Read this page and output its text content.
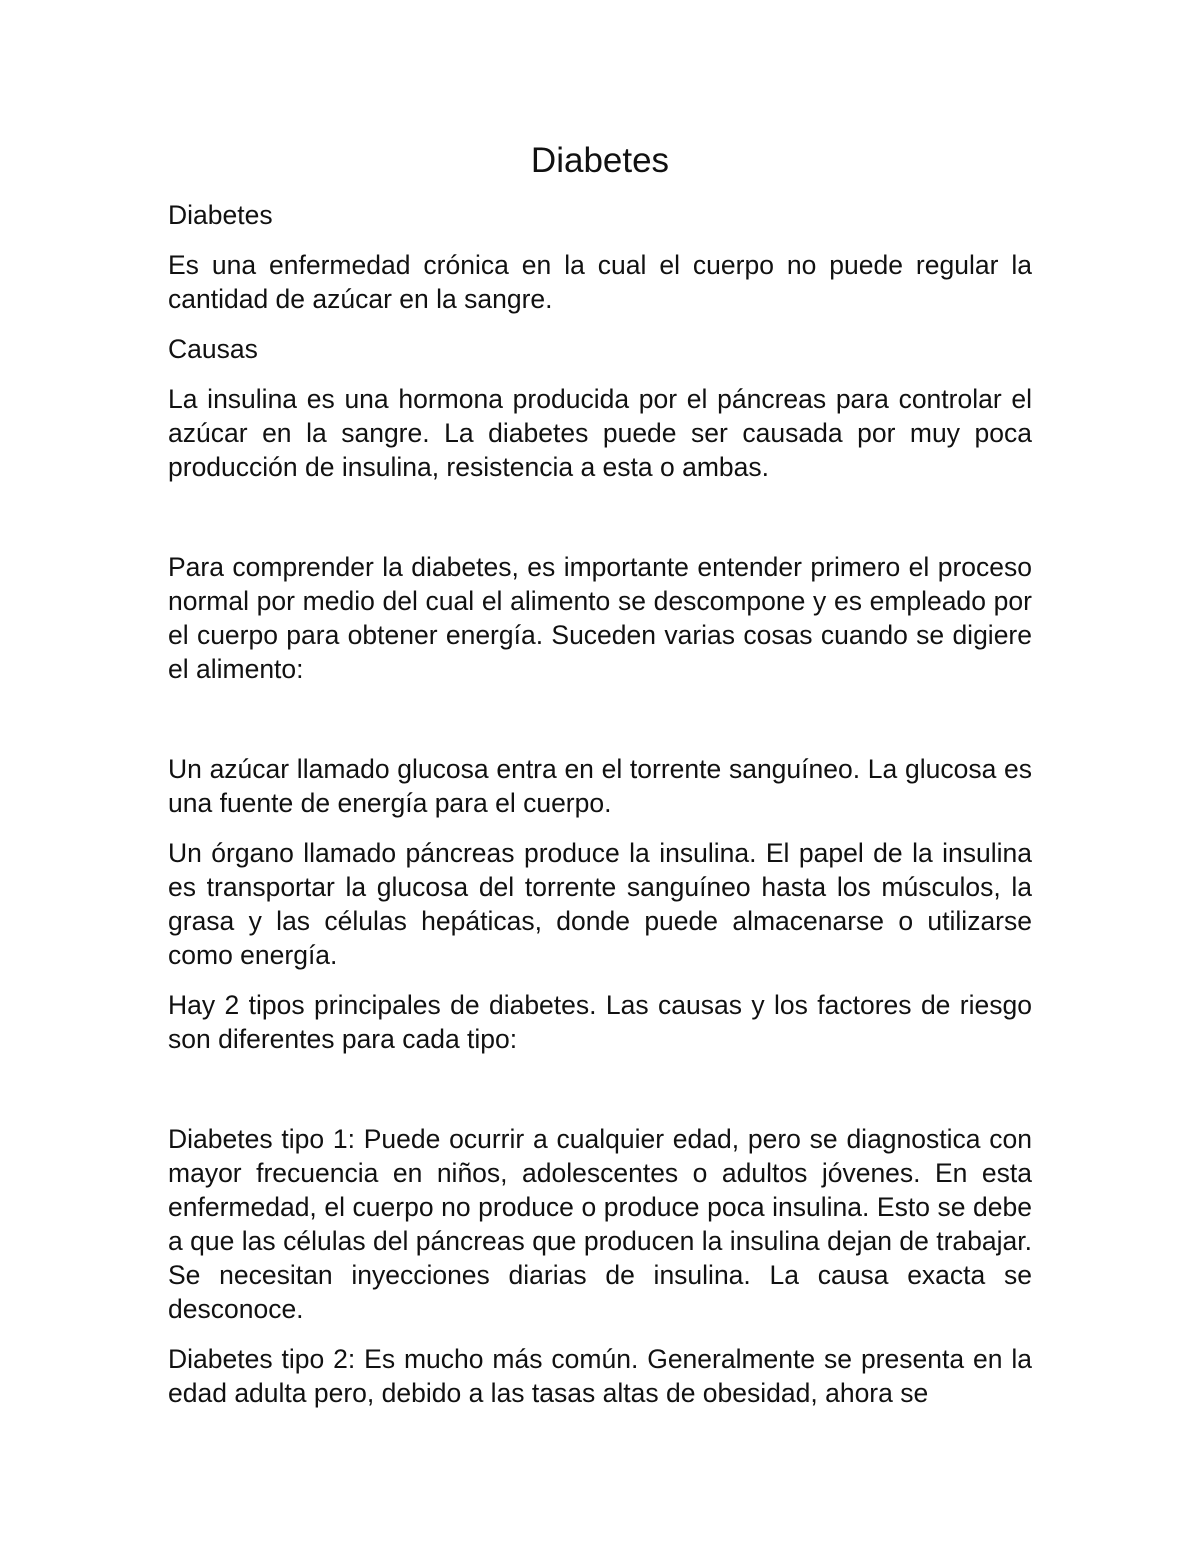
Diabetes

Diabetes

Es una enfermedad crónica en la cual el cuerpo no puede regular la cantidad de azúcar en la sangre.

Causas

La insulina es una hormona producida por el páncreas para controlar el azúcar en la sangre. La diabetes puede ser causada por muy poca producción de insulina, resistencia a esta o ambas.

Para comprender la diabetes, es importante entender primero el proceso normal por medio del cual el alimento se descompone y es empleado por el cuerpo para obtener energía. Suceden varias cosas cuando se digiere el alimento:

Un azúcar llamado glucosa entra en el torrente sanguíneo. La glucosa es una fuente de energía para el cuerpo.

Un órgano llamado páncreas produce la insulina. El papel de la insulina es transportar la glucosa del torrente sanguíneo hasta los músculos, la grasa y las células hepáticas, donde puede almacenarse o utilizarse como energía.

Hay 2 tipos principales de diabetes. Las causas y los factores de riesgo son diferentes para cada tipo:

Diabetes tipo 1: Puede ocurrir a cualquier edad, pero se diagnostica con mayor frecuencia en niños, adolescentes o adultos jóvenes. En esta enfermedad, el cuerpo no produce o produce poca insulina. Esto se debe a que las células del páncreas que producen la insulina dejan de trabajar. Se necesitan inyecciones diarias de insulina. La causa exacta se desconoce.

Diabetes tipo 2: Es mucho más común. Generalmente se presenta en la edad adulta pero, debido a las tasas altas de obesidad, ahora se
